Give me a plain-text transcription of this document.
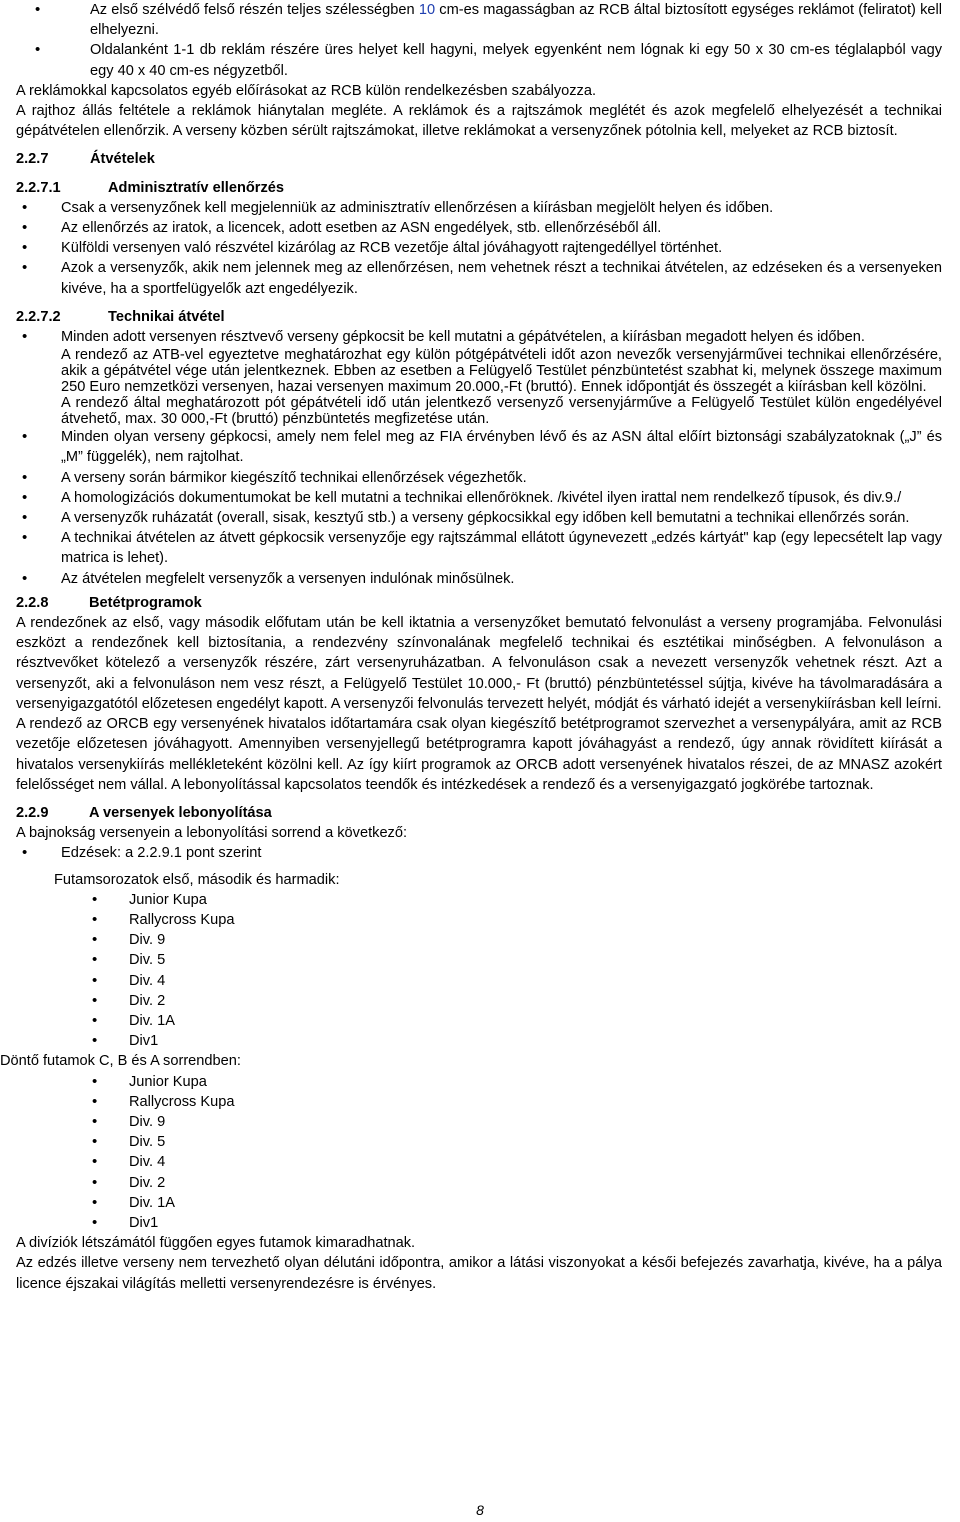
• Az első szélvédő felső részén teljes szélességben 10 cm-es magasságban az RCB által biztosított egységes reklámot (feliratot) kell elhelyezni.
• Oldalanként 1-1 db reklám részére üres helyet kell hagyni, melyek egyenként nem lógnak ki egy 50 x 30 cm-es téglalapból vagy egy 40 x 40 cm-es négyzetből.

A reklámokkal kapcsolatos egyéb előírásokat az RCB külön rendelkezésben szabályozza.

A rajthoz állás feltétele a reklámok hiánytalan megléte. A reklámok és a rajtszámok meglétét és azok megfelelő elhelyezését a technikai gépátvételen ellenőrzik. A verseny közben sérült rajtszámokat, illetve reklámokat a versenyzőnek pótolnia kell, melyeket az RCB biztosít.

2.2.7	Átvételek
2.2.7.1	Adminisztratív ellenőrzés
• Csak a versenyzőnek kell megjelenniük az adminisztratív ellenőrzésen a kiírásban megjelölt helyen és időben.
• Az ellenőrzés az iratok, a licencek, adott esetben az ASN engedélyek, stb. ellenőrzéséből áll.
• Külföldi versenyen való részvétel kizárólag az RCB vezetője által jóváhagyott rajtengedéllyel történhet.
• Azok a versenyzők, akik nem jelennek meg az ellenőrzésen, nem vehetnek részt a technikai átvételen, az edzéseken és a versenyeken kivéve, ha a sportfelügyelők azt engedélyezik.
2.2.7.2	Technikai átvétel
• Minden adott versenyen résztvevő verseny gépkocsit be kell mutatni a gépátvételen, a kiírásban megadott helyen és időben.
A rendező az ATB-vel egyeztetve meghatározhat egy külön pótgépátvételi időt azon nevezők versenyjárművei technikai ellenőrzésére, akik a gépátvétel vége után jelentkeznek. Ebben az esetben a Felügyelő Testület pénzbüntetést szabhat ki, melynek összege maximum 250 Euro nemzetközi versenyen, hazai versenyen maximum 20.000,-Ft (bruttó). Ennek időpontját és összegét a kiírásban kell közölni.
A rendező által meghatározott pót gépátvételi idő után jelentkező versenyző versenyjárműve a Felügyelő Testület külön engedélyével átvehető, max. 30 000,-Ft (bruttó) pénzbüntetés megfizetése után.
• Minden olyan verseny gépkocsi, amely nem felel meg az FIA érvényben lévő és az ASN által előírt biztonsági szabályzatoknak („J” és „M” függelék), nem rajtolhat.
• A verseny során bármikor kiegészítő technikai ellenőrzések végezhetők.
• A homologizációs dokumentumokat be kell mutatni a technikai ellenőröknek. /kivétel ilyen irattal nem rendelkező típusok, és div.9./
• A versenyzők ruházatát (overall, sisak, kesztyű stb.) a verseny gépkocsikkal egy időben kell bemutatni a technikai ellenőrzés során.
• A technikai átvételen az átvett gépkocsik versenyzője egy rajtszámmal ellátott úgynevezett „edzés kártyát" kap (egy lepecsételt lap vagy matrica is lehet).
• Az átvételen megfelelt versenyzők a versenyen indulónak minősülnek.
2.2.8	Betétprogramok

A rendezőnek az első, vagy második előfutam után be kell iktatnia a versenyzőket bemutató felvonulást a verseny programjába. Felvonulási eszközt a rendezőnek kell biztosítania, a rendezvény színvonalának megfelelő technikai és esztétikai minőségben. A felvonuláson a résztvevőket kötelező a versenyzők részére, zárt versenyruházatban. A felvonuláson csak a nevezett versenyzők vehetnek részt. Azt a versenyzőt, aki a felvonuláson nem vesz részt, a Felügyelő Testület 10.000,- Ft (bruttó) pénzbüntetéssel sújtja, kivéve ha távolmaradására a versenyigazgatótól előzetesen engedélyt kapott. A versenyzői felvonulás tervezett helyét, módját és várható idejét a versenykiírásban kell leírni.

A rendező az ORCB egy versenyének hivatalos időtartamára csak olyan kiegészítő betétprogramot szervezhet a versenypályára, amit az RCB vezetője előzetesen jóváhagyott. Amennyiben versenyjellegű betétprogramra kapott jóváhagyást a rendező, úgy annak rövidített kiírását a hivatalos versenykiírás mellékleteként közölni kell. Az így kiírt programok az ORCB adott versenyének hivatalos részei, de az MNASZ azokért felelősséget nem vállal. A lebonyolítással kapcsolatos teendők és intézkedések a rendező és a versenyigazgató jogkörébe tartoznak.

2.2.9	A versenyek lebonyolítása

A bajnokság versenyein a lebonyolítási sorrend a következő:

• Edzések: a 2.2.9.1 pont szerint

Futamsorozatok első, második és harmadik:

• Junior Kupa
• Rallycross Kupa
• Div. 9
• Div. 5
• Div. 4
• Div. 2
• Div. 1A
• Div1

Döntő futamok C, B és A sorrendben:

• Junior Kupa
• Rallycross Kupa
• Div. 9
• Div. 5
• Div. 4
• Div. 2
• Div. 1A
• Div1

A divíziók létszámától függően egyes futamok kimaradhatnak.

Az edzés illetve verseny nem tervezhető olyan délutáni időpontra, amikor a látási viszonyokat a késői befejezés zavarhatja, kivéve, ha a pálya licence éjszakai világítás melletti versenyrendezésre is érvényes.

8
